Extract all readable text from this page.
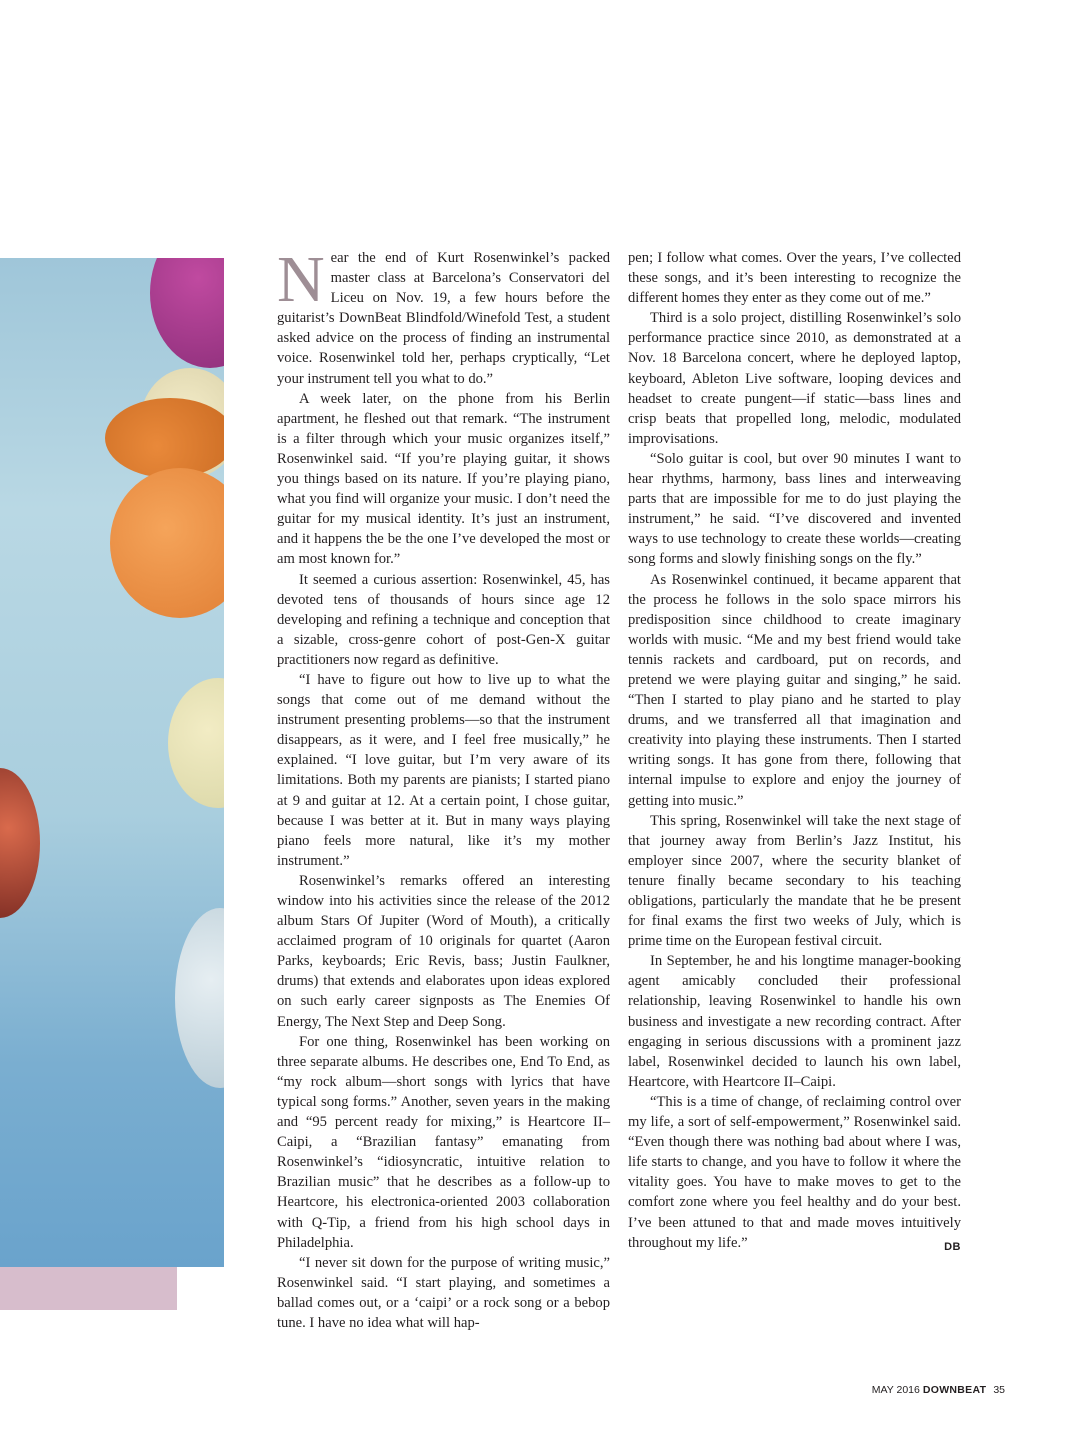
Near the end of Kurt Rosenwinkel’s packed master class at Barcelona’s Conservatori del Liceu on Nov. 19, a few hours before the guitarist’s DownBeat Blindfold/Winefold Test, a student asked advice on the process of finding an instrumental voice. Rosenwinkel told her, perhaps cryptically, “Let your instrument tell you what to do.”

A week later, on the phone from his Berlin apartment, he fleshed out that remark. “The instrument is a filter through which your music organizes itself,” Rosenwinkel said. “If you’re playing guitar, it shows you things based on its nature. If you’re playing piano, what you find will organize your music. I don’t need the guitar for my musical identity. It’s just an instrument, and it happens the be the one I’ve developed the most or am most known for.”

It seemed a curious assertion: Rosenwinkel, 45, has devoted tens of thousands of hours since age 12 developing and refining a technique and conception that a sizable, cross-genre cohort of post-Gen-X guitar practitioners now regard as definitive.

“I have to figure out how to live up to what the songs that come out of me demand without the instrument presenting problems—so that the instrument disappears, as it were, and I feel free musically,” he explained. “I love guitar, but I’m very aware of its limitations. Both my parents are pianists; I started piano at 9 and guitar at 12. At a certain point, I chose guitar, because I was better at it. But in many ways playing piano feels more natural, like it’s my mother instrument.”

Rosenwinkel’s remarks offered an interesting window into his activities since the release of the 2012 album Stars Of Jupiter (Word of Mouth), a critically acclaimed program of 10 originals for quartet (Aaron Parks, keyboards; Eric Revis, bass; Justin Faulkner, drums) that extends and elaborates upon ideas explored on such early career signposts as The Enemies Of Energy, The Next Step and Deep Song.

For one thing, Rosenwinkel has been working on three separate albums. He describes one, End To End, as “my rock album—short songs with lyrics that have typical song forms.” Another, seven years in the making and “95 percent ready for mixing,” is Heartcore II–Caipi, a “Brazilian fantasy” emanating from Rosenwinkel’s “idiosyncratic, intuitive relation to Brazilian music” that he describes as a follow-up to Heartcore, his electronica-oriented 2003 collaboration with Q-Tip, a friend from his high school days in Philadelphia.

“I never sit down for the purpose of writing music,” Rosenwinkel said. “I start playing, and sometimes a ballad comes out, or a ‘caipi’ or a rock song or a bebop tune. I have no idea what will hap-

pen; I follow what comes. Over the years, I’ve collected these songs, and it’s been interesting to recognize the different homes they enter as they come out of me.”

Third is a solo project, distilling Rosenwinkel’s solo performance practice since 2010, as demonstrated at a Nov. 18 Barcelona concert, where he deployed laptop, keyboard, Ableton Live software, looping devices and headset to create pungent—if static—bass lines and crisp beats that propelled long, melodic, modulated improvisations.

“Solo guitar is cool, but over 90 minutes I want to hear rhythms, harmony, bass lines and interweaving parts that are impossible for me to do just playing the instrument,” he said. “I’ve discovered and invented ways to use technology to create these worlds—creating song forms and slowly finishing songs on the fly.”

As Rosenwinkel continued, it became apparent that the process he follows in the solo space mirrors his predisposition since childhood to create imaginary worlds with music. “Me and my best friend would take tennis rackets and cardboard, put on records, and pretend we were playing guitar and singing,” he said. “Then I started to play piano and he started to play drums, and we transferred all that imagination and creativity into playing these instruments. Then I started writing songs. It has gone from there, following that internal impulse to explore and enjoy the journey of getting into music.”

This spring, Rosenwinkel will take the next stage of that journey away from Berlin’s Jazz Institut, his employer since 2007, where the security blanket of tenure finally became secondary to his teaching obligations, particularly the mandate that he be present for final exams the first two weeks of July, which is prime time on the European festival circuit.

In September, he and his longtime manager-booking agent amicably concluded their professional relationship, leaving Rosenwinkel to handle his own business and investigate a new recording contract. After engaging in serious discussions with a prominent jazz label, Rosenwinkel decided to launch his own label, Heartcore, with Heartcore II–Caipi.

“This is a time of change, of reclaiming control over my life, a sort of self-empowerment,” Rosenwinkel said. “Even though there was nothing bad about where I was, life starts to change, and you have to follow it where the vitality goes. You have to make moves to get to the comfort zone where you feel healthy and do your best. I’ve been attuned to that and made moves intuitively throughout my life.”	DB

MAY 2016 DOWNBEAT 35
